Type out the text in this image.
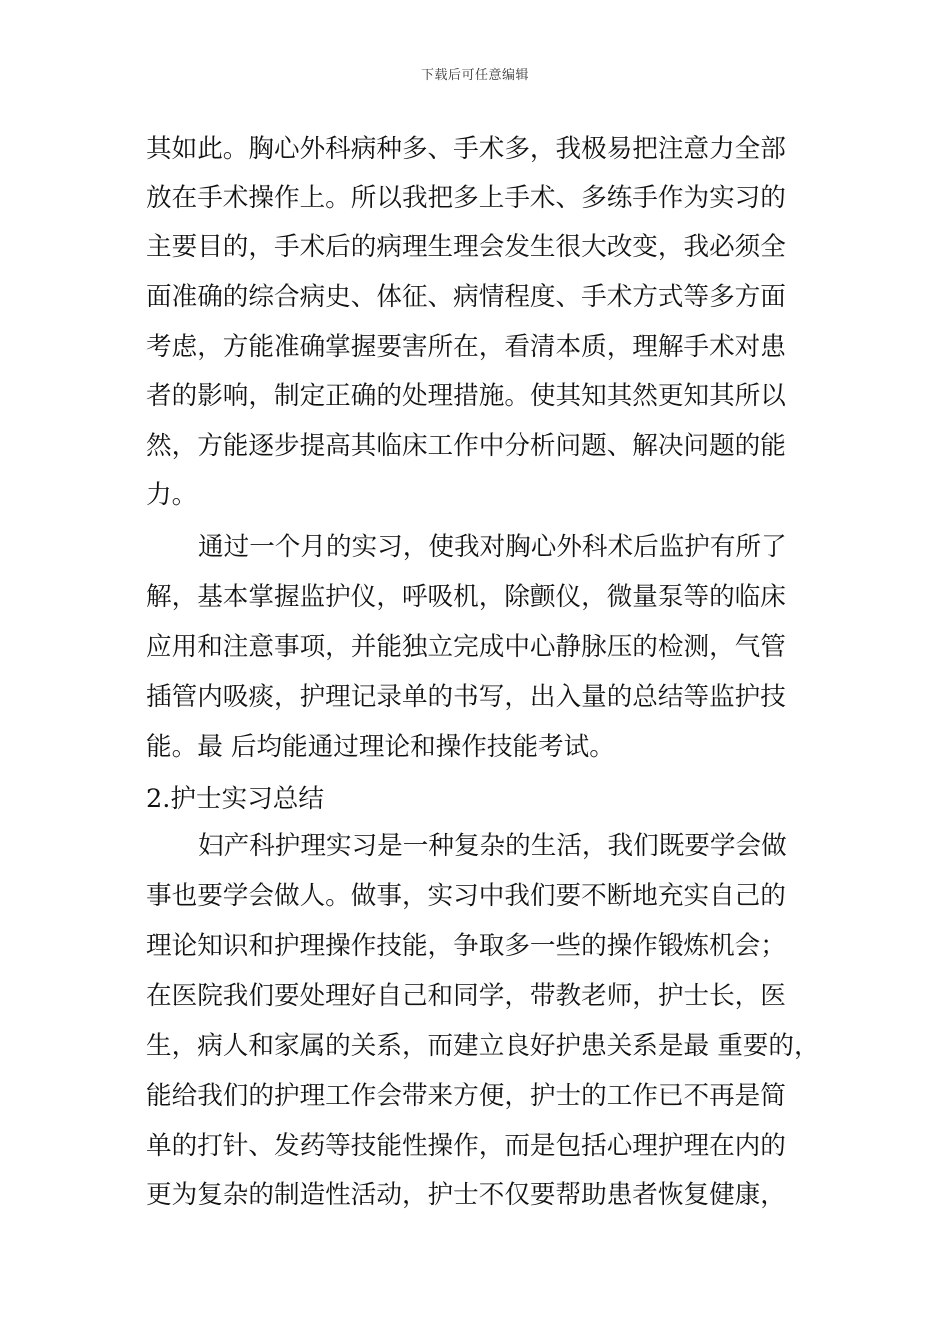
下载后可任意编辑
其如此。胸心外科病种多、手术多，我极易把注意力全部
放在手术操作上。所以我把多上手术、多练手作为实习的
主要目的，手术后的病理生理会发生很大改变，我必须全
面准确的综合病史、体征、病情程度、手术方式等多方面
考虑，方能准确掌握要害所在，看清本质，理解手术对患
者的影响，制定正确的处理措施。使其知其然更知其所以
然，方能逐步提高其临床工作中分析问题、解决问题的能
力。
通过一个月的实习，使我对胸心外科术后监护有所了
解，基本掌握监护仪，呼吸机，除颤仪，微量泵等的临床
应用和注意事项，并能独立完成中心静脉压的检测，气管
插管内吸痰，护理记录单的书写，出入量的总结等监护技
能。最 后均能通过理论和操作技能考试。
2.护士实习总结
妇产科护理实习是一种复杂的生活，我们既要学会做
事也要学会做人。做事，实习中我们要不断地充实自己的
理论知识和护理操作技能，争取多一些的操作锻炼机会；
在医院我们要处理好自己和同学，带教老师，护士长，医
生，病人和家属的关系，而建立良好护患关系是最 重要的，
能给我们的护理工作会带来方便，护士的工作已不再是简
单的打针、发药等技能性操作，而是包括心理护理在内的
更为复杂的制造性活动，护士不仅要帮助患者恢复健康，
